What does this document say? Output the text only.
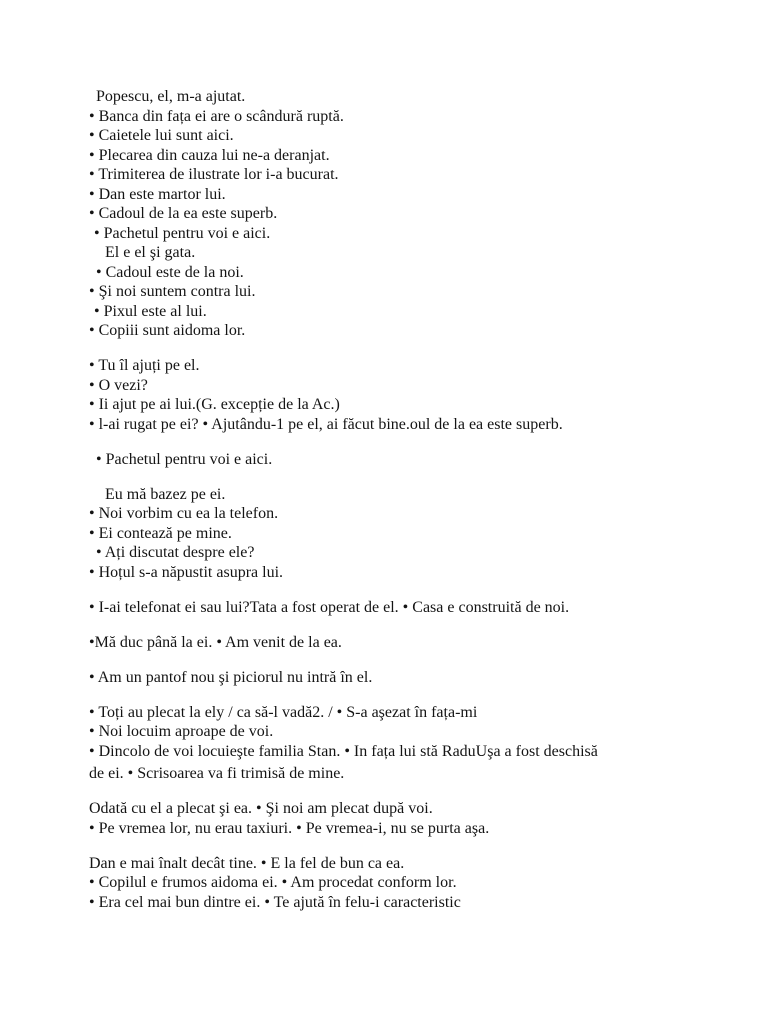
Popescu, el, m-a ajutat.
• Banca din fața ei are o scândură ruptă.
• Caietele lui sunt aici.
• Plecarea din cauza lui ne-a deranjat.
• Trimiterea de ilustrate lor i-a bucurat.
• Dan este martor lui.
• Cadoul de la ea este superb.
• Pachetul pentru voi e aici.
El e el şi gata.
• Cadoul este de la noi.
• Şi noi suntem contra lui.
• Pixul este al lui.
• Copiii sunt aidoma lor.
• Tu îl ajuți pe el.
• O vezi?
• Ii ajut pe ai lui.(G. excepție de la Ac.)
• l-ai rugat pe ei? • Ajutându-1 pe el, ai făcut bine.oul de la ea este superb.
• Pachetul pentru voi e aici.
Eu mă bazez pe ei.
• Noi vorbim cu ea la telefon.
• Ei contează pe mine.
• Ați discutat despre ele?
• Hoțul s-a năpustit asupra lui.
• I-ai telefonat ei sau lui?Tata a fost operat de el. • Casa e construită de noi.
•Mă duc până la ei. • Am venit de la ea.
• Am un pantof nou şi piciorul nu intră în el.
• Toți au plecat la ely / ca să-l vadă2. / • S-a aşezat în fața-mi
• Noi locuim aproape de voi.
• Dincolo de voi locuieşte familia Stan. • In fața lui stă RaduUşa a fost deschisă
de ei. • Scrisoarea va fi trimisă de mine.
Odată cu el a plecat şi ea. • Şi noi am plecat după voi.
• Pe vremea lor, nu erau taxiuri. • Pe vremea-i, nu se purta aşa.
Dan e mai înalt decât tine. • E la fel de bun ca ea.
• Copilul e frumos aidoma ei. • Am procedat conform lor.
• Era cel mai bun dintre ei. • Te ajută în felu-i caracteristic
